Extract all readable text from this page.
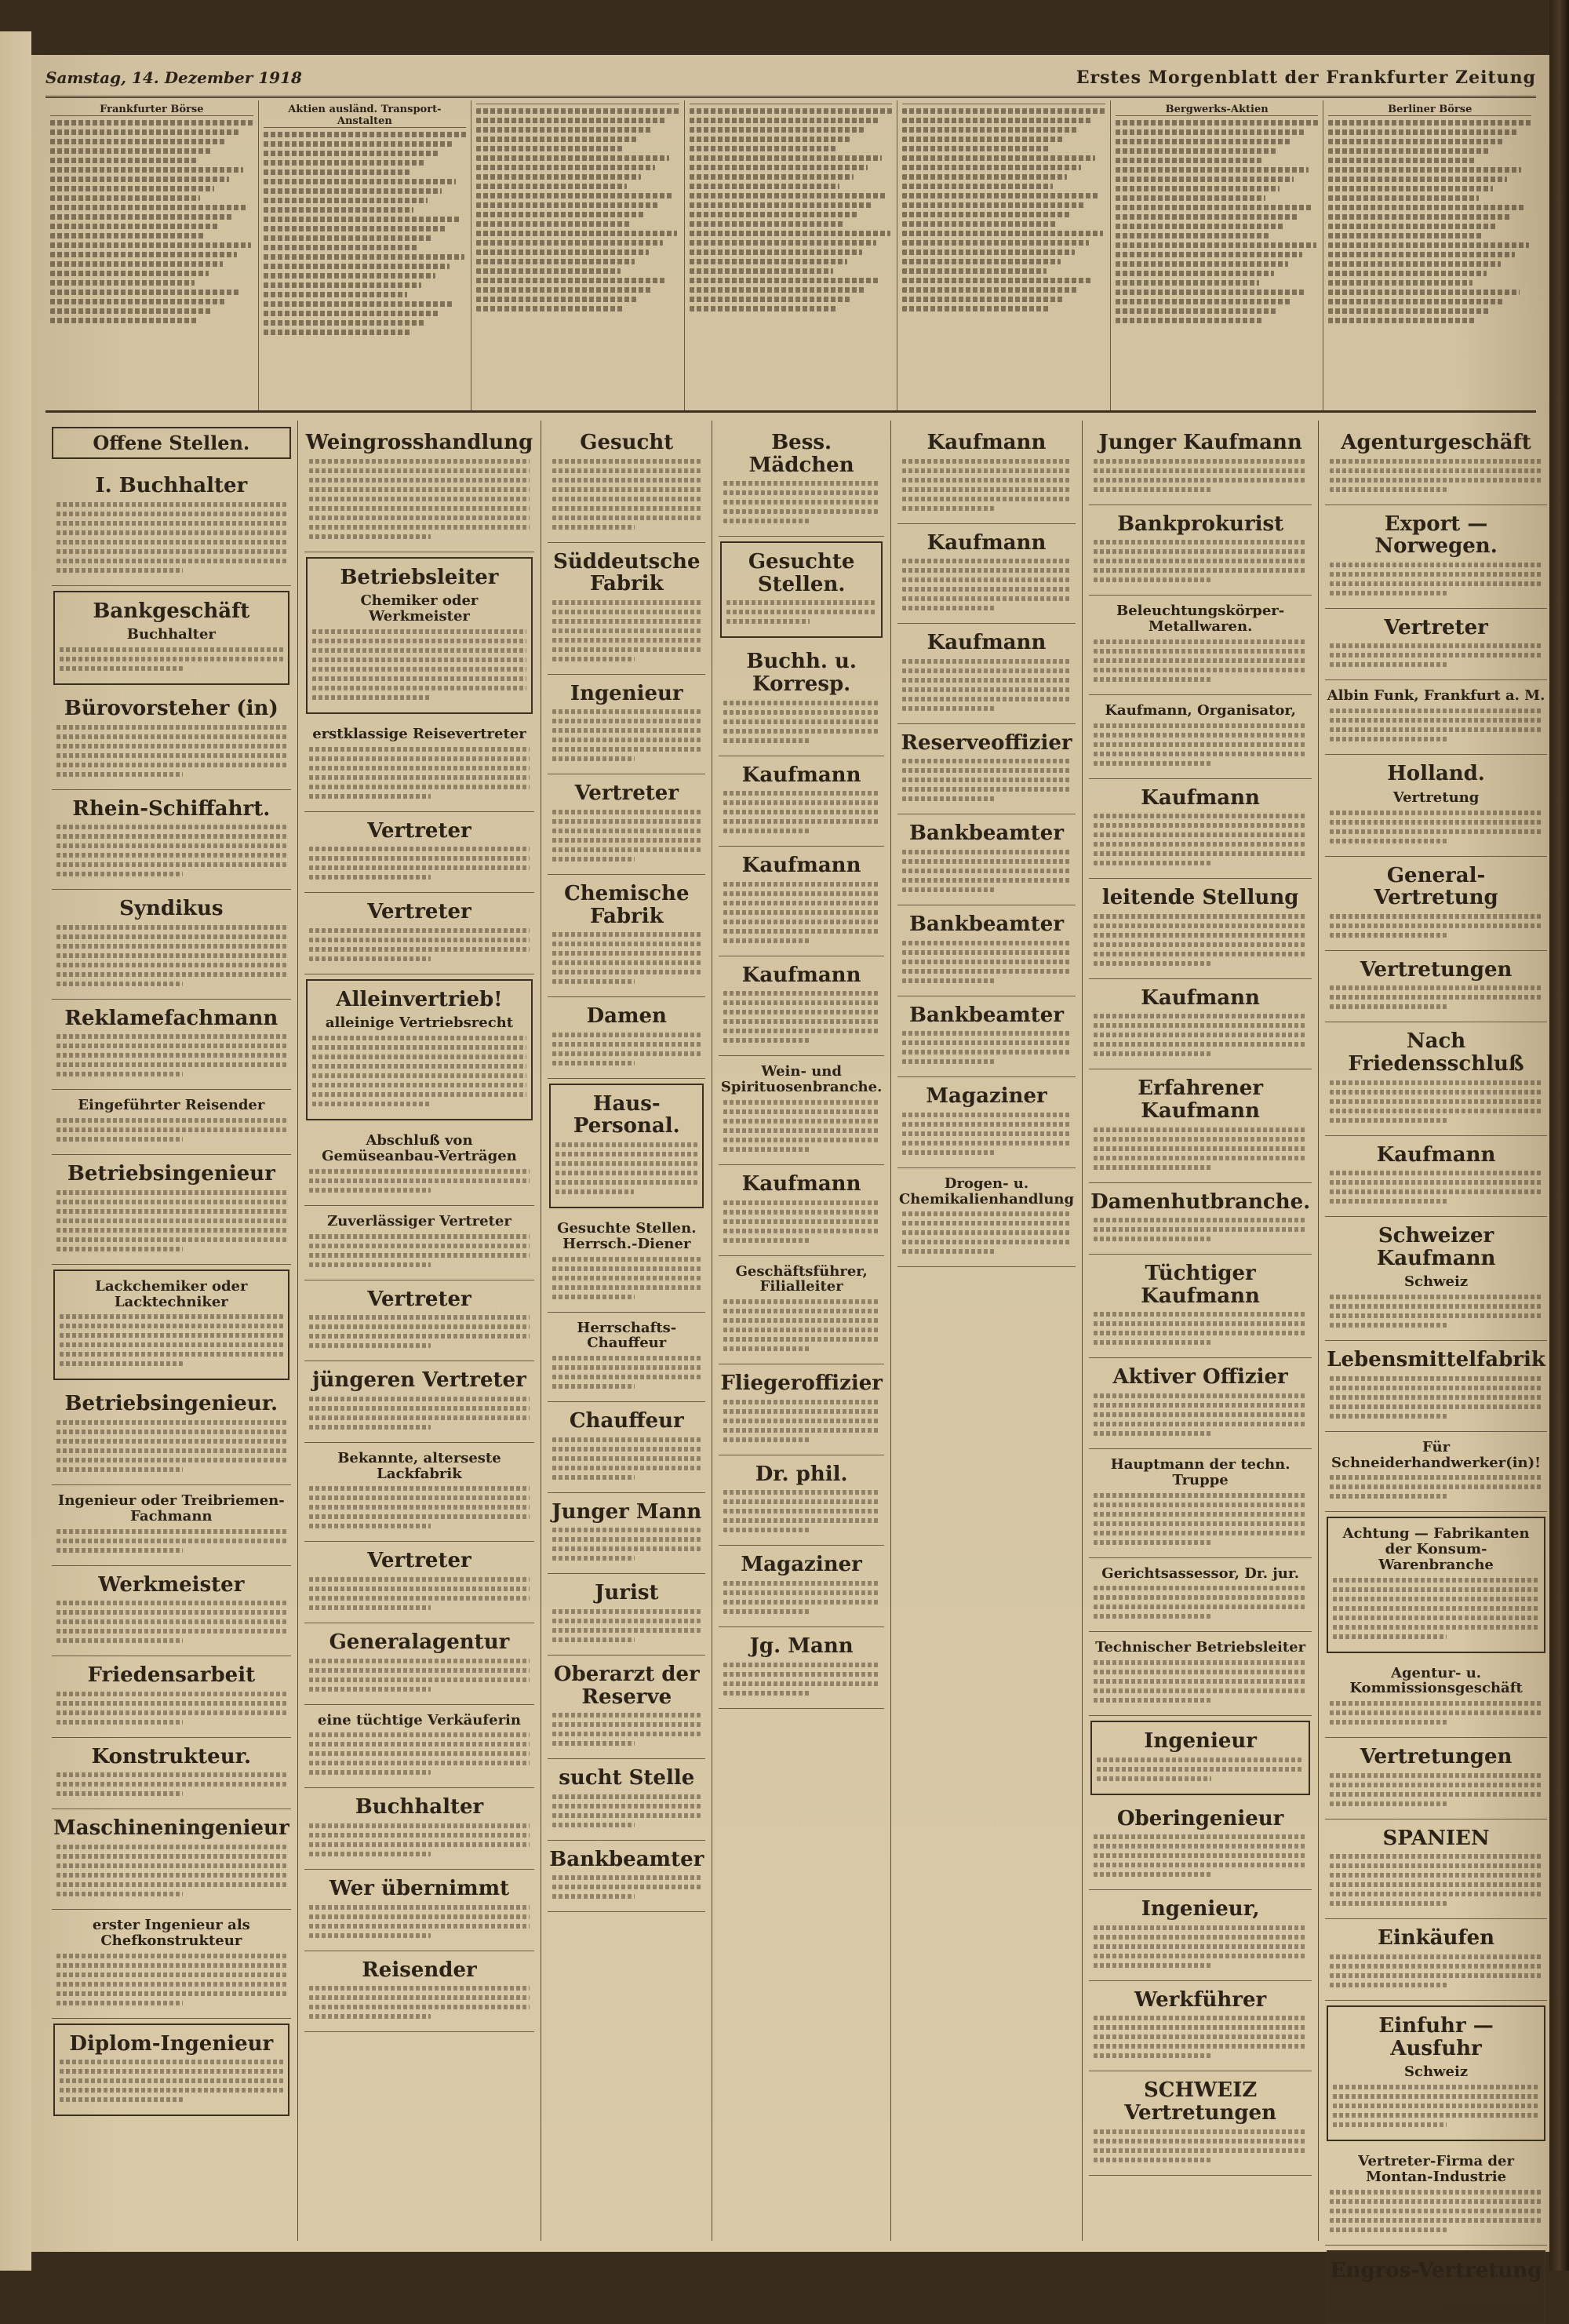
Samstag, 14. Dezember 1918	Erstes Morgenblatt der Frankfurter Zeitung
Frankfurter Börse	Aktien ausländ. Transport-Anstalten
Bergwerks-Aktien	Berliner Börse
Offene Stellen.
I. Buchhalter
Bankgeschäft
Buchhalter
Bürovorsteher (in)
Rhein-Schiffahrt.
Syndikus
Reklamefachmann
Eingeführter Reisender
Betriebsingenieur
Lackchemiker oder Lacktechniker
Betriebsingenieur.
Ingenieur oder Treibriemen-Fachmann
Werkmeister
Friedensarbeit
Konstrukteur.
Maschineningenieur
erster Ingenieur als Chefkonstrukteur
Diplom-Ingenieur
Weingrosshandlung
Betriebsleiter
Chemiker oder Werkmeister
erstklassige Reisevertreter
Vertreter
Vertreter
Alleinvertrieb!
alleinige Vertriebsrecht
Abschluß von Gemüseanbau-Verträgen
Zuverlässiger Vertreter
Vertreter
jüngeren Vertreter
Bekannte, alterseste Lackfabrik
Vertreter
Generalagentur
eine tüchtige Verkäuferin
Buchhalter
Wer übernimmt
Reisender
Gesucht
Süddeutsche Fabrik
Ingenieur
Vertreter
Chemische Fabrik
Damen
Haus-Personal.
Gesuchte Stellen. Herrsch.-Diener
Herrschafts-Chauffeur
Chauffeur
Junger Mann
Jurist
Oberarzt der Reserve
sucht Stelle
Bankbeamter
Bess. Mädchen
Gesuchte Stellen.
Buchh. u. Korresp.
Kaufmann
Kaufmann
Kaufmann
Wein- und Spirituosenbranche.
Kaufmann
Geschäftsführer, Filialleiter
Fliegeroffizier
Dr. phil.
Magaziner
Jg. Mann
Kaufmann
Kaufmann
Kaufmann
Reserveoffizier
Bankbeamter
Bankbeamter
Bankbeamter
Magaziner
Drogen- u. Chemikalienhandlung
Junger Kaufmann
Bankprokurist
Beleuchtungskörper-Metallwaren.
Kaufmann, Organisator,
Kaufmann
leitende Stellung
Kaufmann
Erfahrener Kaufmann
Damenhutbranche.
Tüchtiger Kaufmann
Aktiver Offizier
Hauptmann der techn. Truppe
Gerichtsassessor, Dr. jur.
Technischer Betriebsleiter
Ingenieur
Oberingenieur
Ingenieur,
Werkführer
SCHWEIZ Vertretungen
Agenturgeschäft
Export — Norwegen.
Vertreter
Albin Funk, Frankfurt a. M.
Holland.
Vertretung
General-Vertretung
Vertretungen
Nach Friedensschluß
Kaufmann
Schweizer Kaufmann
Schweiz
Lebensmittelfabrik
Für Schneiderhandwerker(in)!
Achtung — Fabrikanten der Konsum-Warenbranche
Agentur- u. Kommissionsgeschäft
Vertretungen
SPANIEN
Einkäufen
Einfuhr — Ausfuhr
Schweiz
Vertreter-Firma der Montan-Industrie
Engros-Vertretung
